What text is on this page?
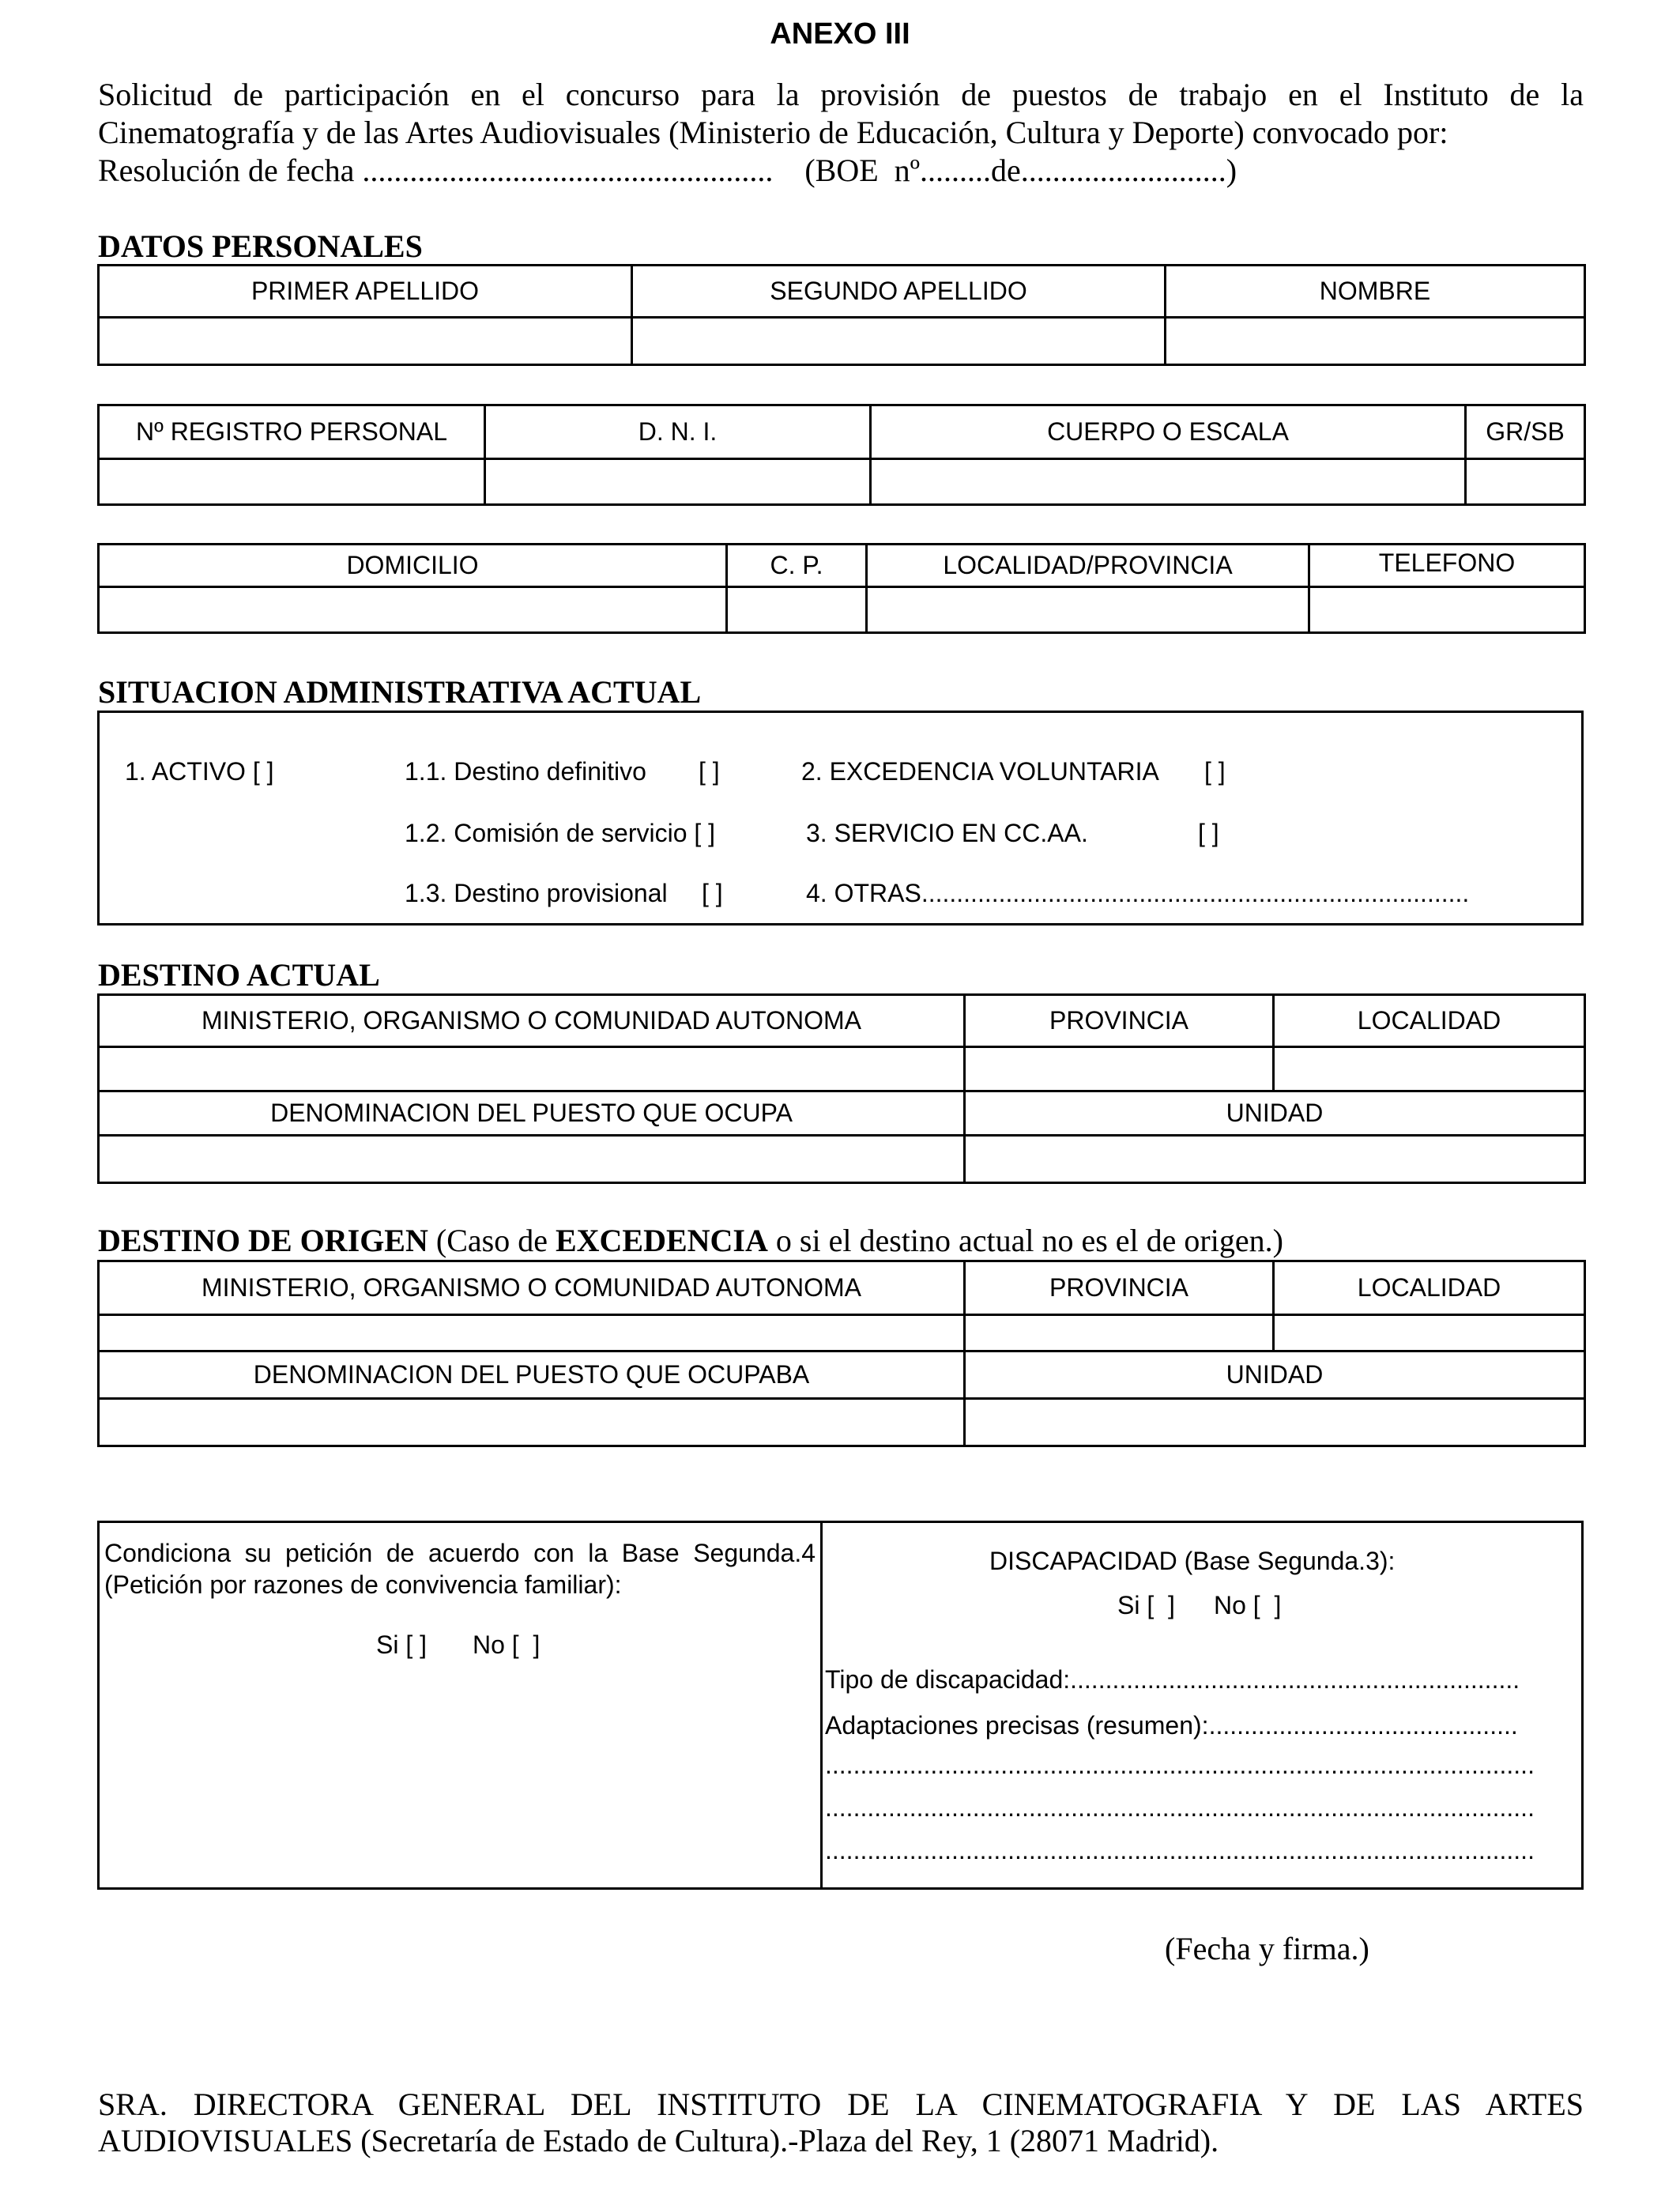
ANEXO III
Solicitud de participación en el concurso para la provisión de puestos de trabajo en el Instituto de la
Cinematografía y de las Artes Audiovisuales (Ministerio de Educación, Cultura y Deporte) convocado por:
Resolución de fecha ....................................................    (BOE  nº.........de..........................)
DATOS PERSONALES
PRIMER APELLIDO	SEGUNDO APELLIDO	NOMBRE

Nº REGISTRO PERSONAL	D. N. I.	CUERPO O ESCALA	GR/SB

DOMICILIO	C. P.	LOCALIDAD/PROVINCIA	TELEFONO

SITUACION ADMINISTRATIVA ACTUAL
1. ACTIVO [ ]	1.1. Destino definitivo [ ]	2. EXCEDENCIA VOLUNTARIA [ ]
1.2. Comisión de servicio [ ]	3. SERVICIO EN CC.AA.	[ ]
1.3. Destino provisional [ ]	4. OTRAS..............................................................................
DESTINO ACTUAL
MINISTERIO, ORGANISMO O COMUNIDAD AUTONOMA	PROVINCIA	LOCALIDAD

DENOMINACION DEL PUESTO QUE OCUPA	UNIDAD	

DESTINO DE ORIGEN (Caso de EXCEDENCIA o si el destino actual no es el de origen.)
MINISTERIO, ORGANISMO O COMUNIDAD AUTONOMA	PROVINCIA	LOCALIDAD

DENOMINACION DEL PUESTO QUE OCUPABA	UNIDAD	

Condiciona su petición de acuerdo con la Base Segunda.4
(Petición por razones de convivencia familiar):
Si [ ] No [  ]
DISCAPACIDAD (Base Segunda.3):
Si [  ] No [  ]
Tipo de discapacidad:................................................................
Adaptaciones precisas (resumen):............................................
.....................................................................................................
.....................................................................................................
.....................................................................................................
(Fecha y firma.)
SRA. DIRECTORA GENERAL DEL INSTITUTO DE LA CINEMATOGRAFIA Y DE LAS ARTES
AUDIOVISUALES (Secretaría de Estado de Cultura).-Plaza del Rey, 1 (28071 Madrid).
